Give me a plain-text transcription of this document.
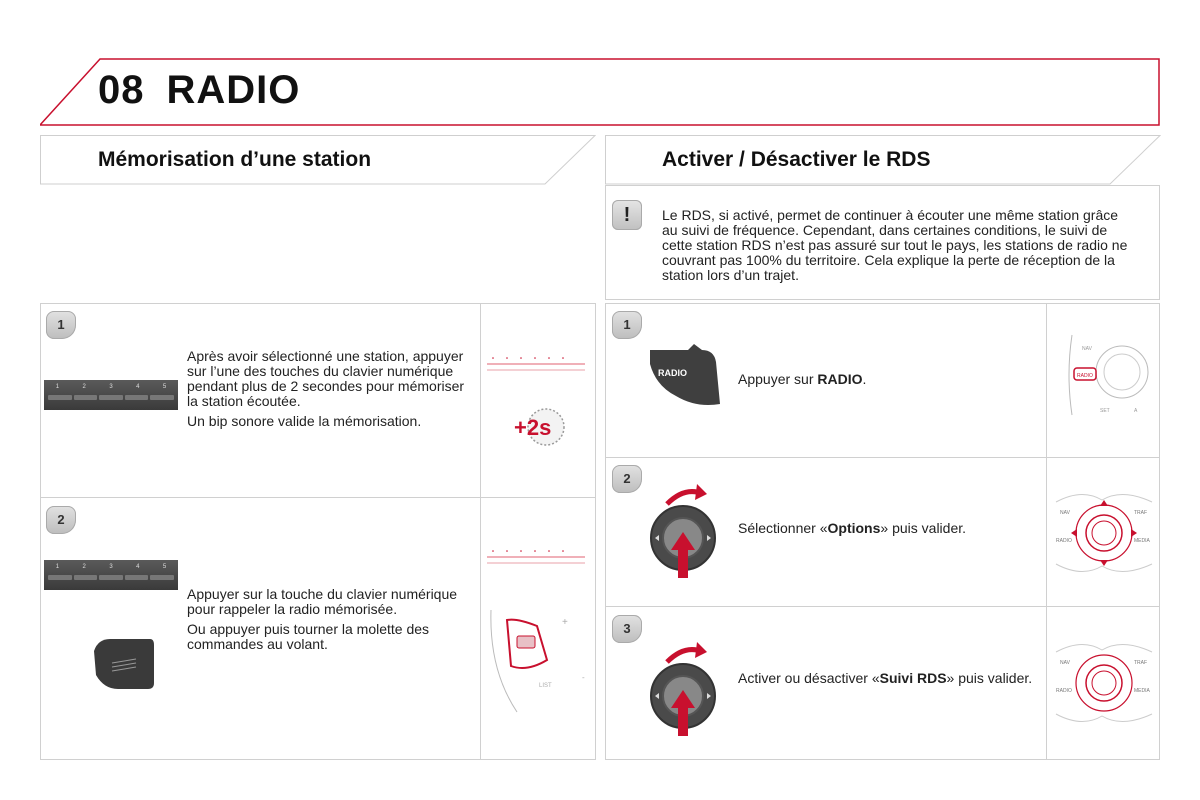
08 RADIO
Mémorisation d’une station	Activer / Désactiver le RDS
!	Le RDS, si activé, permet de continuer à écouter une même station grâce au suivi de fréquence. Cependant, dans certaines conditions, le suivi de cette station RDS n’est pas assuré sur tout le pays, les stations de radio ne couvrant pas 100% du territoire. Cela explique la perte de réception de la station lors d’un trajet.
1
1	2	3	4	5

Après avoir sélectionné une station, appuyer sur l’une des touches du clavier numérique pendant plus de 2 secondes pour mémoriser la station écoutée.

Un bip sonore valide la mémorisation.	+2s
2
1	2	3	4	5

Appuyer sur la touche du clavier numérique pour rappeler la radio mémorisée.

Ou appuyer puis tourner la molette des commandes au volant.

+
LIST
-
1
RADIO	Appuyer sur RADIO.	RADIO
NAV
SET	A
2
Sélectionner «Options» puis valider.
NAV	TRAF
RADIO	MEDIA
3
Activer ou désactiver «Suivi RDS» puis valider.
NAV	TRAF
RADIO	MEDIA
